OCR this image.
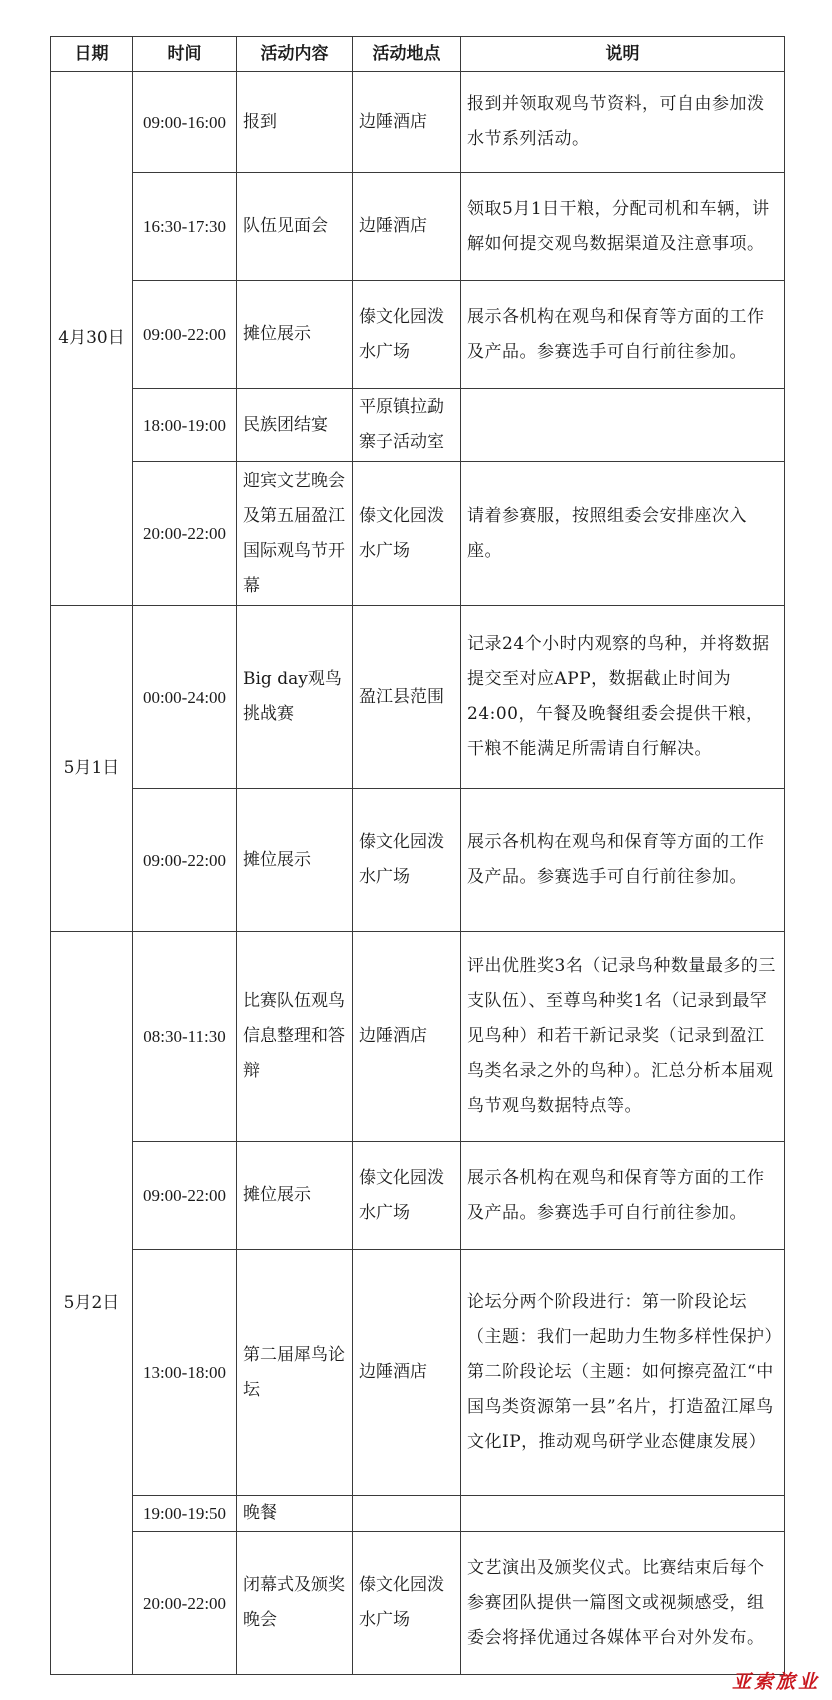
日期	时间	活动内容	活动地点	说明
4月30日	09:00-16:00	报到	边陲酒店	报到并领取观鸟节资料，可自由参加泼水节系列活动。
	16:30-17:30	队伍见面会	边陲酒店	领取5月1日干粮，分配司机和车辆，讲解如何提交观鸟数据渠道及注意事项。
	09:00-22:00	摊位展示	傣文化园泼水广场	展示各机构在观鸟和保育等方面的工作及产品。参赛选手可自行前往参加。
	18:00-19:00	民族团结宴	平原镇拉勐寨子活动室	
	20:00-22:00	迎宾文艺晚会及第五届盈江国际观鸟节开幕	傣文化园泼水广场	请着参赛服，按照组委会安排座次入座。
5月1日	00:00-24:00	Big day观鸟挑战赛	盈江县范围	记录24个小时内观察的鸟种，并将数据提交至对应APP，数据截止时间为24:00，午餐及晚餐组委会提供干粮，干粮不能满足所需请自行解决。
	09:00-22:00	摊位展示	傣文化园泼水广场	展示各机构在观鸟和保育等方面的工作及产品。参赛选手可自行前往参加。
5月2日	08:30-11:30	比赛队伍观鸟信息整理和答辩	边陲酒店	评出优胜奖3名（记录鸟种数量最多的三支队伍）、至尊鸟种奖1名（记录到最罕见鸟种）和若干新记录奖（记录到盈江鸟类名录之外的鸟种）。汇总分析本届观鸟节观鸟数据特点等。
	09:00-22:00	摊位展示	傣文化园泼水广场	展示各机构在观鸟和保育等方面的工作及产品。参赛选手可自行前往参加。
	13:00-18:00	第二届犀鸟论坛	边陲酒店	论坛分两个阶段进行：第一阶段论坛（主题：我们一起助力生物多样性保护）第二阶段论坛（主题：如何擦亮盈江“中国鸟类资源第一县”名片，打造盈江犀鸟文化IP，推动观鸟研学业态健康发展）
	19:00-19:50	晚餐		
	20:00-22:00	闭幕式及颁奖晚会	傣文化园泼水广场	文艺演出及颁奖仪式。比赛结束后每个参赛团队提供一篇图文或视频感受，组委会将择优通过各媒体平台对外发布。
亚索旅业
